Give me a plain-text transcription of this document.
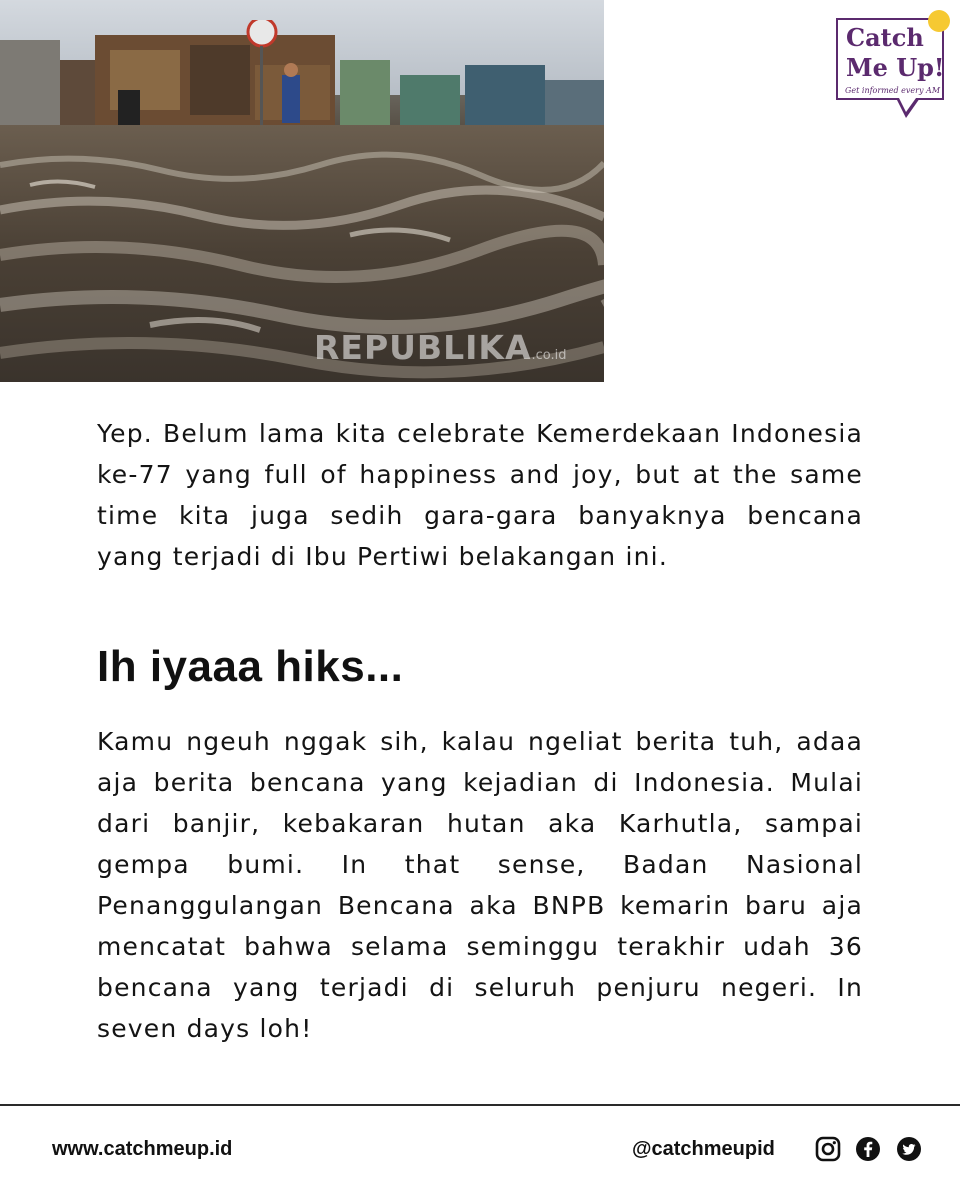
REPUBLIKA.co.id
Catch
Me Up!
Get informed every AM

Yep. Belum lama kita celebrate Kemerdekaan Indonesia ke-77 yang full of happiness and joy, but at the same time kita juga sedih gara-gara banyaknya bencana yang terjadi di Ibu Pertiwi belakangan ini.

Ih iyaaa hiks...

Kamu ngeuh nggak sih, kalau ngeliat berita tuh, adaa aja berita bencana yang kejadian di Indonesia. Mulai dari banjir, kebakaran hutan aka Karhutla, sampai gempa bumi. In that sense, Badan Nasional Penanggulangan Bencana aka BNPB kemarin baru aja mencatat bahwa selama seminggu terakhir udah 36 bencana yang terjadi di seluruh penjuru negeri. In seven days loh!

www.catchmeup.id	@catchmeupid
